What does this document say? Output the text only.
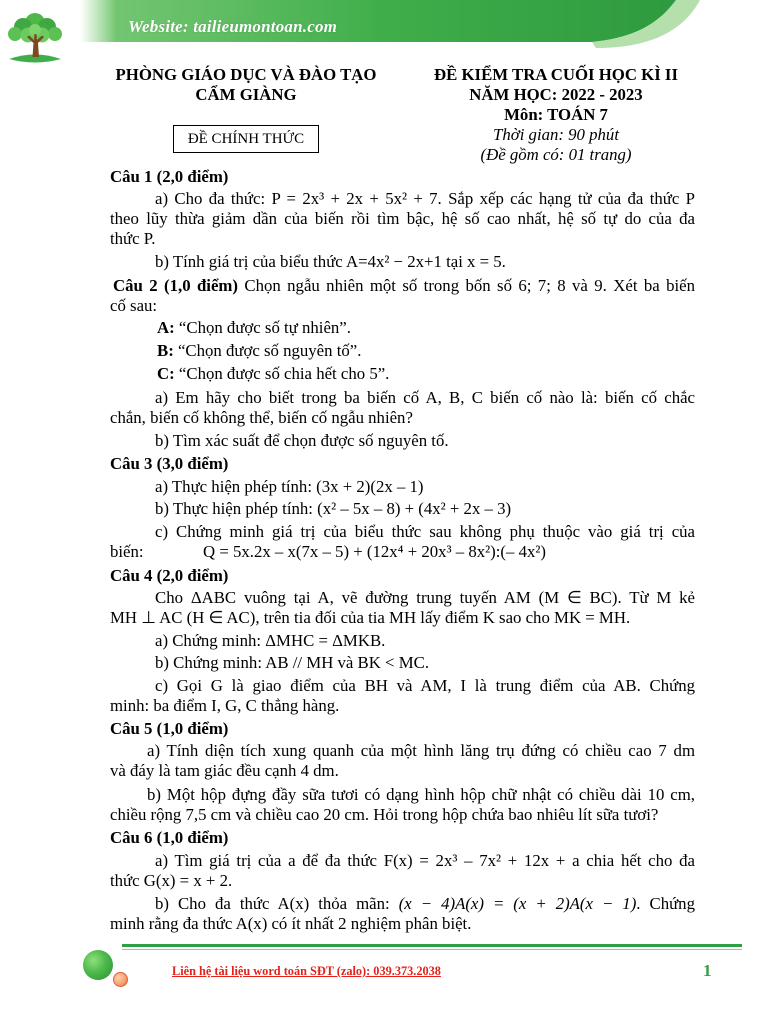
Website: tailieumontoan.com
PHÒNG GIÁO DỤC VÀ ĐÀO TẠO
CẨM GIÀNG
ĐỀ CHÍNH THỨC
ĐỀ KIỂM TRA CUỐI HỌC KÌ II
NĂM HỌC: 2022 - 2023
Môn: TOÁN 7
Thời gian: 90 phút
(Đề gồm có: 01 trang)
Câu 1 (2,0 điểm)
a) Cho đa thức: P = 2x³ + 2x + 5x² + 7. Sắp xếp các hạng tử của đa thức P
theo lũy thừa giảm dần của biến rồi tìm bậc, hệ số cao nhất, hệ số tự do của đa
thức P.
b) Tính giá trị của biểu thức A=4x² − 2x+1 tại x = 5.
Câu 2 (1,0 điểm) Chọn ngẫu nhiên một số trong bốn số 6; 7; 8 và 9. Xét ba biến
cố sau:
A: “Chọn được số tự nhiên”.
B: “Chọn được số nguyên tố”.
C: “Chọn được số chia hết cho 5”.
a) Em hãy cho biết trong ba biến cố A, B, C biến cố nào là: biến cố chắc
chắn, biến cố không thể, biến cố ngẫu nhiên?
b) Tìm xác suất để chọn được số nguyên tố.
Câu 3 (3,0 điểm)
a) Thực hiện phép tính: (3x + 2)(2x – 1)
b) Thực hiện phép tính: (x² – 5x – 8) + (4x² + 2x – 3)
c) Chứng minh giá trị của biểu thức sau không phụ thuộc vào giá trị của
biến:	Q = 5x.2x – x(7x – 5) + (12x⁴ + 20x³ – 8x²):(– 4x²)
Câu 4 (2,0 điểm)
Cho ΔABC vuông tại A, vẽ đường trung tuyến AM (M ∈ BC). Từ M kẻ
MH ⊥ AC (H ∈ AC), trên tia đối của tia MH lấy điểm K sao cho MK = MH.
a) Chứng minh: ΔMHC = ΔMKB.
b) Chứng minh: AB // MH và BK < MC.
c) Gọi G là giao điểm của BH và AM, I là trung điểm của AB. Chứng
minh: ba điểm I, G, C thẳng hàng.
Câu 5 (1,0 điểm)
a) Tính diện tích xung quanh của một hình lăng trụ đứng có chiều cao 7 dm
và đáy là tam giác đều cạnh 4 dm.
b) Một hộp đựng đầy sữa tươi có dạng hình hộp chữ nhật có chiều dài 10 cm,
chiều rộng 7,5 cm và chiều cao 20 cm. Hỏi trong hộp chứa bao nhiêu lít sữa tươi?
Câu 6 (1,0 điểm)
a) Tìm giá trị của a để đa thức F(x) = 2x³ – 7x² + 12x + a chia hết cho đa
thức G(x) = x + 2.
b) Cho đa thức A(x) thỏa mãn: (x − 4)A(x) = (x + 2)A(x − 1). Chứng
minh rằng đa thức A(x) có ít nhất 2 nghiệm phân biệt.
Liên hệ tài liệu word toán SĐT (zalo): 039.373.2038	1
